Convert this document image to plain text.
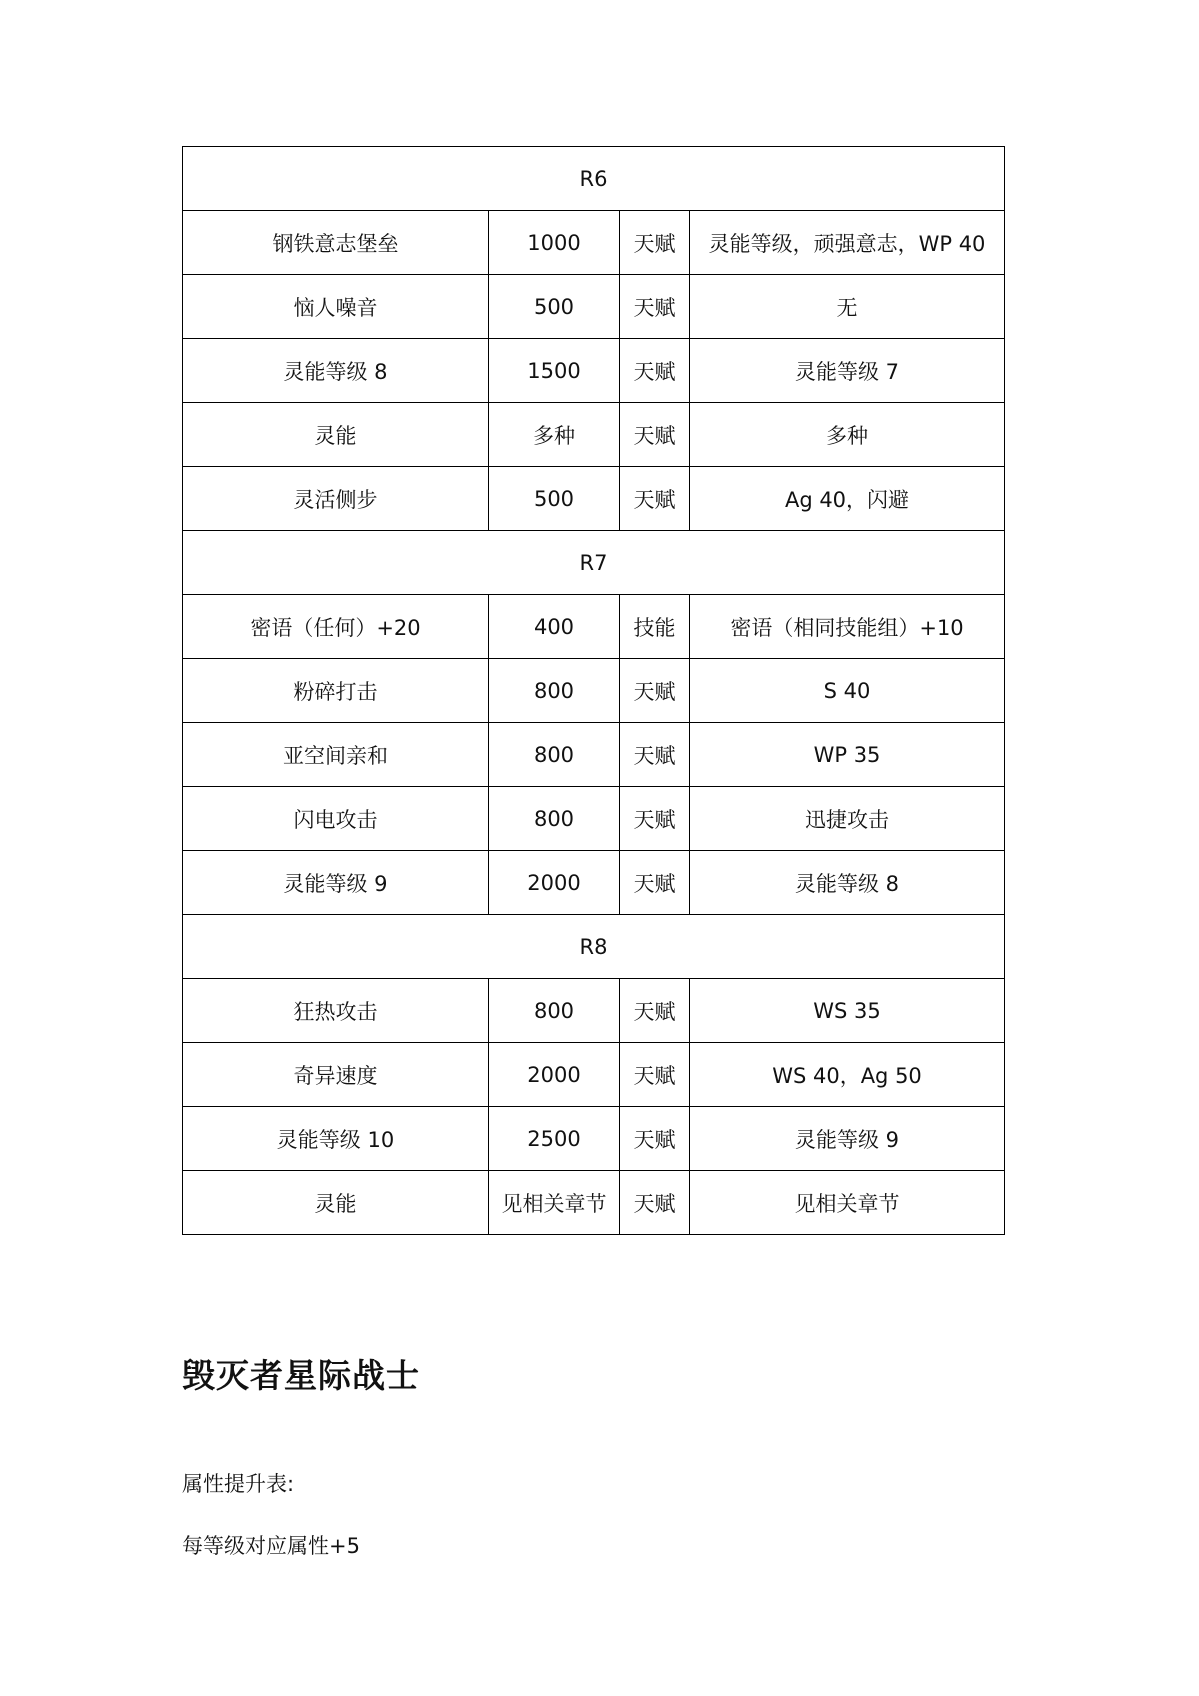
R6			
钢铁意志堡垒	1000	天赋	灵能等级，顽强意志，WP 40
恼人噪音	500	天赋	无
灵能等级 8	1500	天赋	灵能等级 7
灵能	多种	天赋	多种
灵活侧步	500	天赋	Ag 40，闪避
R7			
密语（任何）+20	400	技能	密语（相同技能组）+10
粉碎打击	800	天赋	S 40
亚空间亲和	800	天赋	WP 35
闪电攻击	800	天赋	迅捷攻击
灵能等级 9	2000	天赋	灵能等级 8
R8			
狂热攻击	800	天赋	WS 35
奇异速度	2000	天赋	WS 40，Ag 50
灵能等级 10	2500	天赋	灵能等级 9
灵能	见相关章节	天赋	见相关章节
毁灭者星际战士

属性提升表:

每等级对应属性+5
